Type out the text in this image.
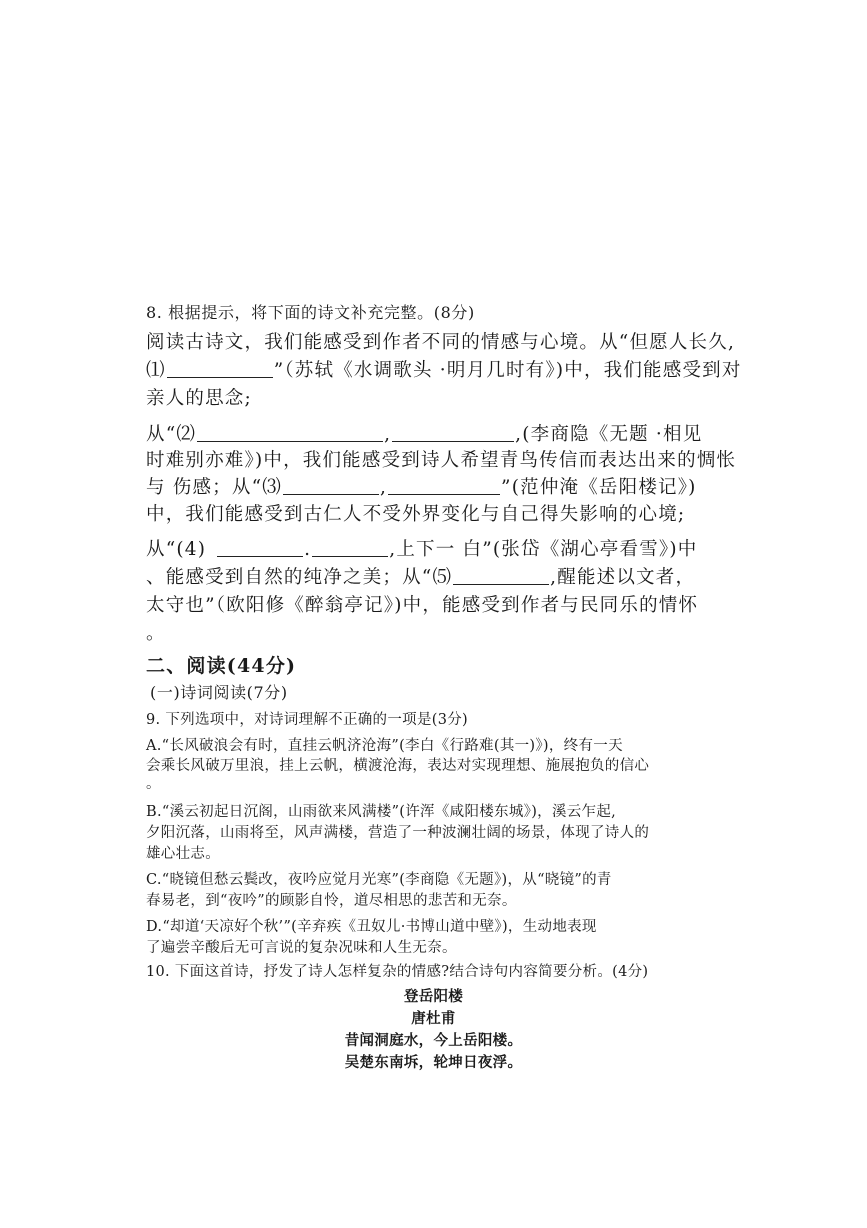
8. 根据提示，将下面的诗文补充完整。(8分)
阅读古诗文，我们能感受到作者不同的情感与心境。从“但愿人长久,
⑴	”（苏轼《水调歌头 ·明月几时有》)中，我们能感受到对
亲人的思念;
从“⑵	,	,(李商隐《无题 ·相见
时难别亦难》)中，我们能感受到诗人希望青鸟传信而表达出来的惆怅
与 伤感；从“⑶	,	”(范仲淹《岳阳楼记》)
中，我们能感受到古仁人不受外界变化与自己得失影响的心境;
从“(4)	.	,上下一 白”(张岱《湖心亭看雪》)中
、能感受到自然的纯净之美；从“⑸	,醒能述以文者，
太守也”（欧阳修《醉翁亭记》)中，能感受到作者与民同乐的情怀
。
二、阅读(44分)
(一)诗词阅读(7分)
9. 下列选项中，对诗词理解不正确的一项是(3分)
A.“长风破浪会有时，直挂云帆济沧海”(李白《行路难(其一)》)，终有一天
会乘长风破万里浪，挂上云帆，横渡沧海，表达对实现理想、施展抱负的信心
。
B.“溪云初起日沉阁，山雨欲来风满楼”(许浑《咸阳楼东城》)，溪云乍起,
夕阳沉落，山雨将至，风声满楼，营造了一种波澜壮阔的场景，体现了诗人的
雄心壮志。
C.“晓镜但愁云鬓改，夜吟应觉月光寒”(李商隐《无题》)，从“晓镜”的青
春易老，到“夜吟”的顾影自怜，道尽相思的悲苦和无奈。
D.“却道‘天凉好个秋’”(辛弃疾《丑奴儿·书博山道中壁》)，生动地表现
了遍尝辛酸后无可言说的复杂况味和人生无奈。
10. 下面这首诗，抒发了诗人怎样复杂的情感?结合诗句内容简要分析。(4分)
登岳阳楼
唐杜甫
昔闻洞庭水，今上岳阳楼。
吴楚东南坼，轮坤日夜浮。
